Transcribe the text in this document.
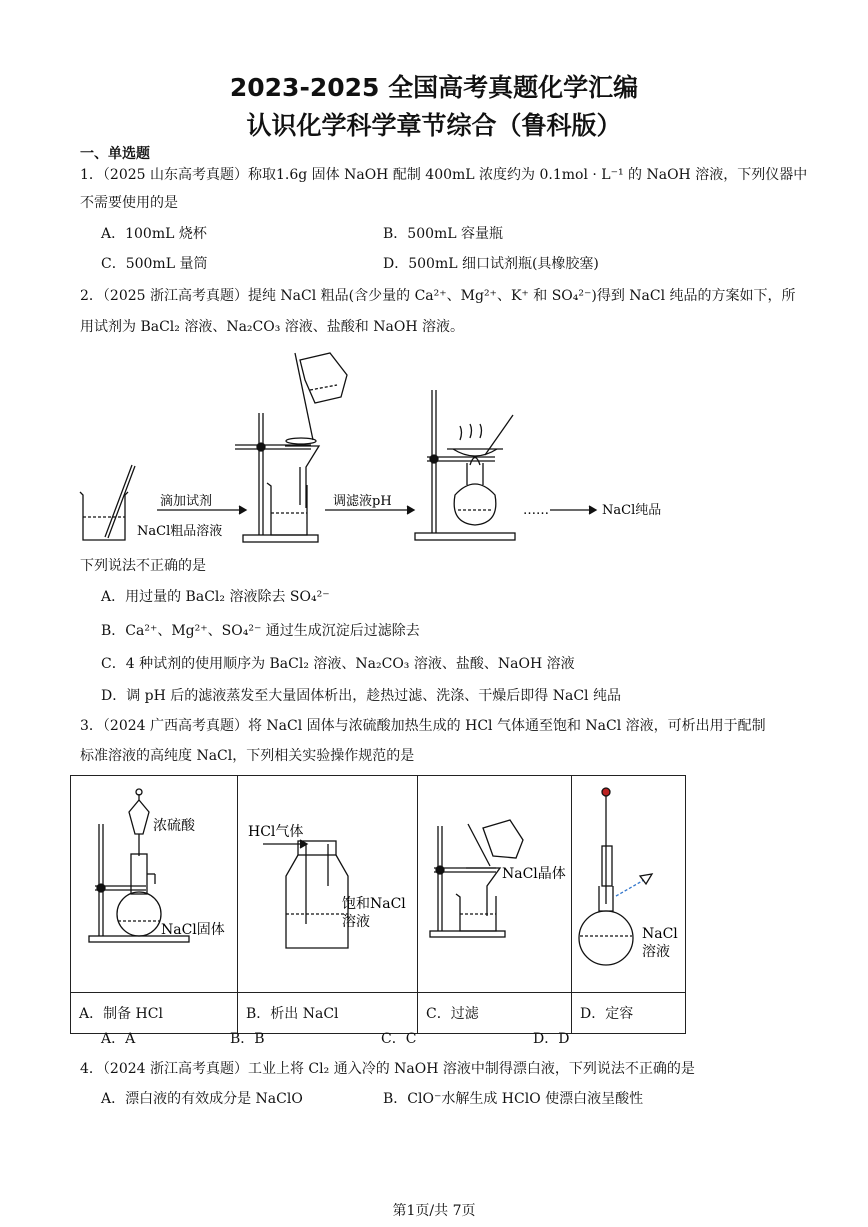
2023-2025 全国高考真题化学汇编
认识化学科学章节综合（鲁科版）
一、单选题
1．（2025 山东高考真题）称取1.6g 固体 NaOH 配制 400mL 浓度约为 0.1mol · L⁻¹ 的 NaOH 溶液，下列仪器中
不需要使用的是
A．100mL 烧杯	B．500mL 容量瓶
C．500mL 量筒	D．500mL 细口试剂瓶(具橡胶塞)
2．（2025 浙江高考真题）提纯 NaCl 粗品(含少量的 Ca²⁺、Mg²⁺、K⁺ 和 SO₄²⁻)得到 NaCl 纯品的方案如下，所
用试剂为 BaCl₂ 溶液、Na₂CO₃ 溶液、盐酸和 NaOH 溶液。
NaCl粗品溶液
滴加试剂	调滤液pH
……	NaCl纯品
下列说法不正确的是
A．用过量的 BaCl₂ 溶液除去 SO₄²⁻
B．Ca²⁺、Mg²⁺、SO₄²⁻ 通过生成沉淀后过滤除去
C．4 种试剂的使用顺序为 BaCl₂ 溶液、Na₂CO₃ 溶液、盐酸、NaOH 溶液
D．调 pH 后的滤液蒸发至大量固体析出，趁热过滤、洗涤、干燥后即得 NaCl 纯品
3．（2024 广西高考真题）将 NaCl 固体与浓硫酸加热生成的 HCl 气体通至饱和 NaCl 溶液，可析出用于配制
标准溶液的高纯度 NaCl，下列相关实验操作规范的是
浓硫酸
NaCl固体	HCl气体
饱和NaCl
溶液	NaCl晶体	NaCl
溶液

A．制备 HCl	B．析出 NaCl	C．过滤	D．定容
A．A	B．B	C．C	D．D
4．（2024 浙江高考真题）工业上将 Cl₂ 通入冷的 NaOH 溶液中制得漂白液，下列说法不正确的是
A．漂白液的有效成分是 NaClO	B．ClO⁻水解生成 HClO 使漂白液呈酸性
第1页/共 7页
